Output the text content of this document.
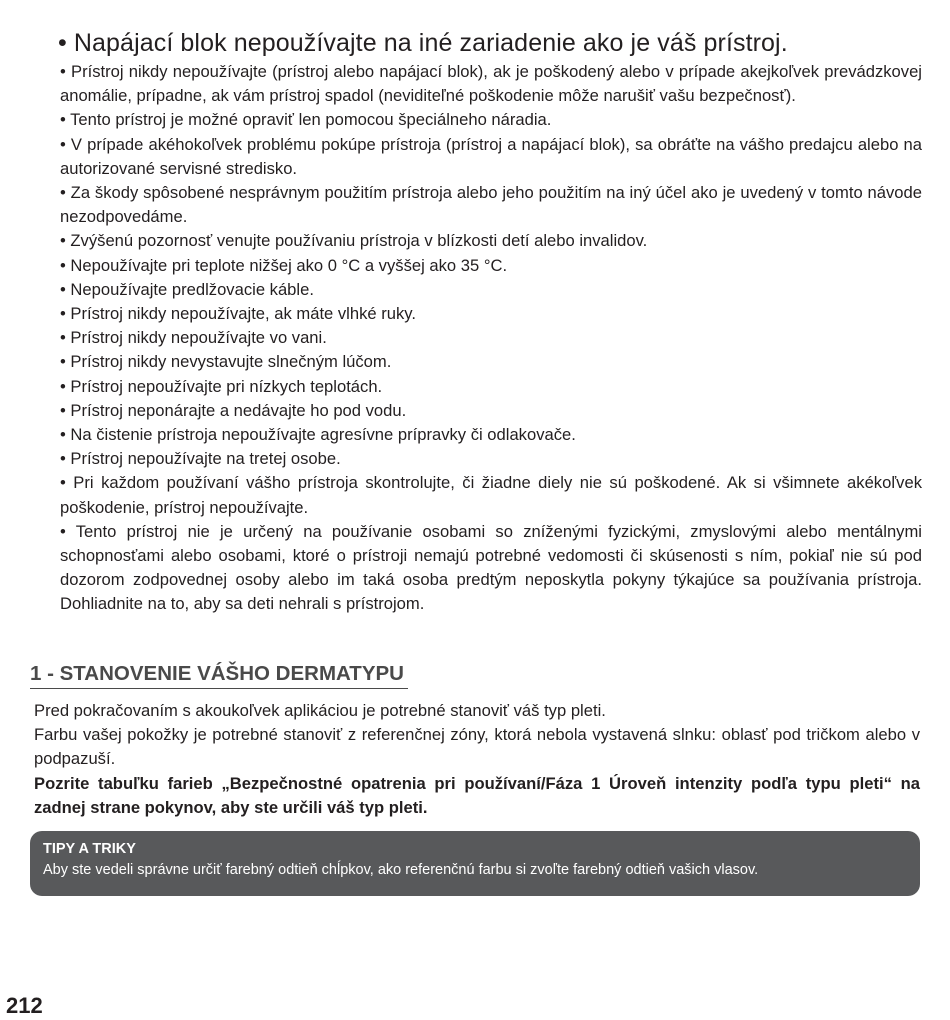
• Napájací blok nepoužívajte na iné zariadenie ako je váš prístroj.

• Prístroj nikdy nepoužívajte (prístroj alebo napájací blok), ak je poškodený alebo v prípade akejkoľvek prevádzkovej anomálie, prípadne, ak vám prístroj spadol (neviditeľné poškodenie môže narušiť vašu bezpečnosť).
• Tento prístroj je možné opraviť len pomocou špeciálneho náradia.
• V prípade akéhokoľvek problému pokúpe prístroja (prístroj a napájací blok), sa obráťte na vášho predajcu alebo na autorizované servisné stredisko.
• Za škody spôsobené nesprávnym použitím prístroja alebo jeho použitím na iný účel ako je uvedený v tomto návode nezodpovedáme.
• Zvýšenú pozornosť venujte používaniu prístroja v blízkosti detí alebo invalidov.
• Nepoužívajte pri teplote nižšej ako 0 °C a vyššej ako 35 °C.
• Nepoužívajte predlžovacie káble.
• Prístroj nikdy nepoužívajte, ak máte vlhké ruky.
• Prístroj nikdy nepoužívajte vo vani.
• Prístroj nikdy nevystavujte slnečným lúčom.
• Prístroj nepoužívajte pri nízkych teplotách.
• Prístroj neponárajte a nedávajte ho pod vodu.
• Na čistenie prístroja nepoužívajte agresívne prípravky či odlakovače.
• Prístroj nepoužívajte na tretej osobe.
• Pri každom používaní vášho prístroja skontrolujte, či žiadne diely nie sú poškodené. Ak si všimnete akékoľvek poškodenie, prístroj nepoužívajte.
• Tento prístroj nie je určený na používanie osobami so zníženými fyzickými, zmyslovými alebo mentálnymi schopnosťami alebo osobami, ktoré o prístroji nemajú potrebné vedomosti či skúsenosti s ním, pokiaľ nie sú pod dozorom zodpovednej osoby alebo im taká osoba predtým neposkytla pokyny týkajúce sa používania prístroja. Dohliadnite na to, aby sa deti nehrali s prístrojom.
1 - STANOVENIE VÁŠHO DERMATYPU

Pred pokračovaním s akoukoľvek aplikáciou je potrebné stanoviť váš typ pleti.

Farbu vašej pokožky je potrebné stanoviť z referenčnej zóny, ktorá nebola vystavená slnku: oblasť pod tričkom alebo v podpazuší.

Pozrite tabuľku farieb „Bezpečnostné opatrenia pri používaní/Fáza 1 Úroveň intenzity podľa typu pleti“ na zadnej strane pokynov, aby ste určili váš typ pleti.

TIPY A TRIKY
Aby ste vedeli správne určiť farebný odtieň chĺpkov, ako referenčnú farbu si zvoľte farebný odtieň vašich vlasov.
212
